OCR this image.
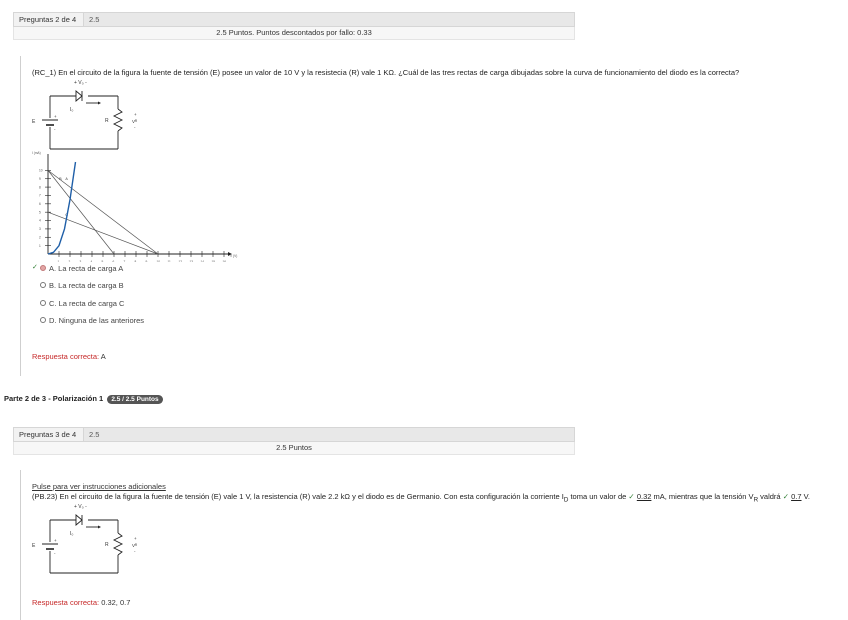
Preguntas 2 de 4	2.5
2.5 Puntos. Puntos descontados por fallo: 0.33
(RC_1) En el circuito de la figura la fuente de tensión (E) posee un valor de 10 V y la resistecia (R) vale 1 KΩ. ¿Cuál de las tres rectas de carga dibujadas sobre la curva de funcionamiento del diodo es la correcta?
+ V₀ -
I₀
E	R
+
Vᴿ
-
+
-
1	2	3	4	5	6	7	8	9	10 11 12 13 14 15 16
1
2
3
4
5
6
7
8
9
10
I (mA)
V (V)
A
B
C
✓	A. La recta de carga A
B. La recta de carga B
C. La recta de carga C
D. Ninguna de las anteriores
Respuesta correcta: A
Parte 2 de 3 - Polarización 1 2.5 / 2.5 Puntos
Preguntas 3 de 4	2.5
2.5 Puntos
Pulse para ver instrucciones adicionales
(PB.23) En el circuito de la figura la fuente de tensión (E) vale 1 V, la resistencia (R) vale 2.2 kΩ y el diodo es de Germanio. Con esta configuración la corriente $I_D$ toma un valor de ✓ 0.32 mA, mientras que la tensión $V_R$ valdrá ✓ 0.7 V.
+ V₀ -
I₀
E	R
+
Vᴿ
-
+
-
Respuesta correcta: 0.32, 0.7
